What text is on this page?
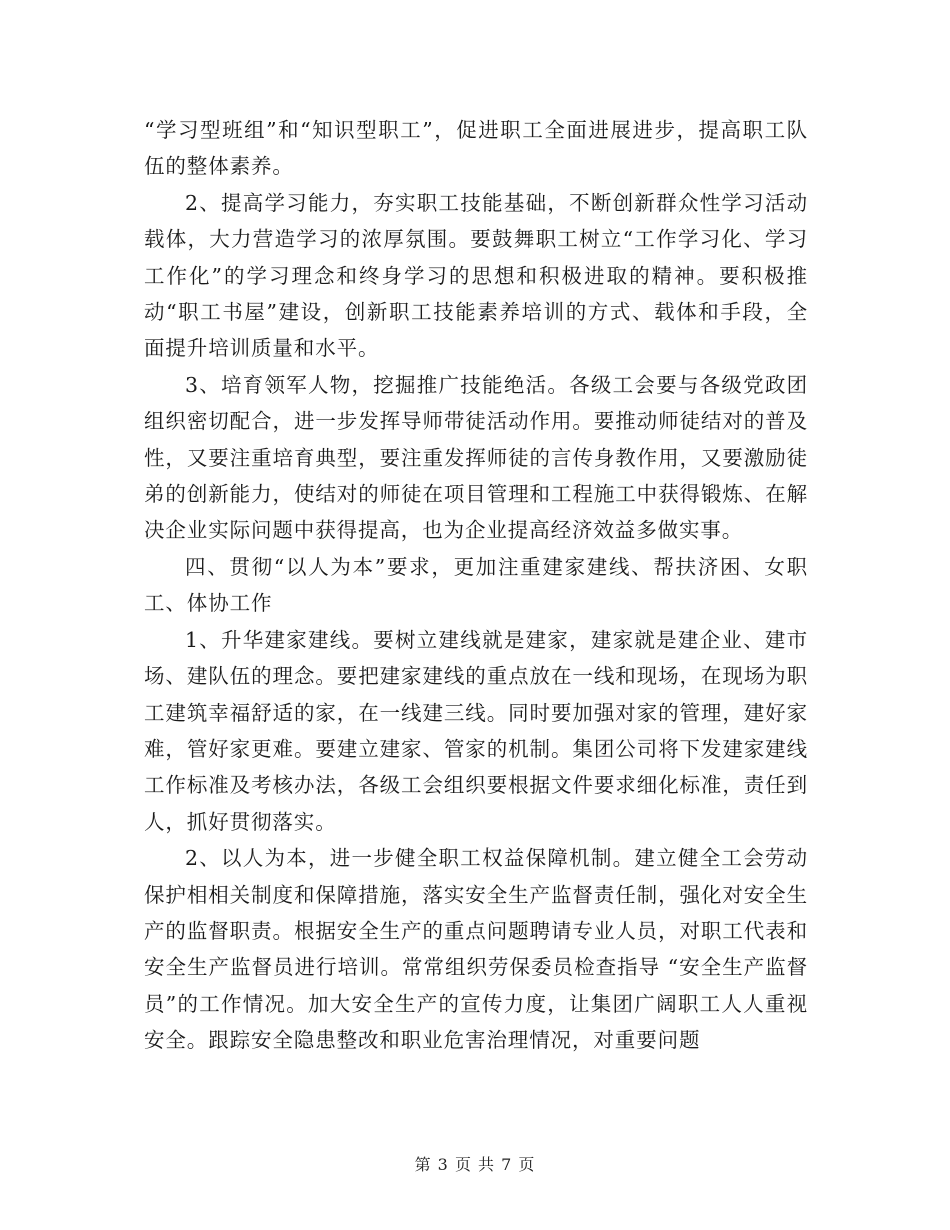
“学习型班组”和“知识型职工”，促进职工全面进展进步，提高职工队伍的整体素养。

2、提高学习能力，夯实职工技能基础，不断创新群众性学习活动载体，大力营造学习的浓厚氛围。要鼓舞职工树立“工作学习化、学习工作化”的学习理念和终身学习的思想和积极进取的精神。要积极推动“职工书屋”建设，创新职工技能素养培训的方式、载体和手段，全面提升培训质量和水平。

3、培育领军人物，挖掘推广技能绝活。各级工会要与各级党政团组织密切配合，进一步发挥导师带徒活动作用。要推动师徒结对的普及性，又要注重培育典型，要注重发挥师徒的言传身教作用，又要激励徒弟的创新能力，使结对的师徒在项目管理和工程施工中获得锻炼、在解决企业实际问题中获得提高，也为企业提高经济效益多做实事。

四、贯彻“以人为本”要求，更加注重建家建线、帮扶济困、女职工、体协工作

1、升华建家建线。要树立建线就是建家，建家就是建企业、建市场、建队伍的理念。要把建家建线的重点放在一线和现场，在现场为职工建筑幸福舒适的家，在一线建三线。同时要加强对家的管理，建好家难，管好家更难。要建立建家、管家的机制。集团公司将下发建家建线工作标准及考核办法，各级工会组织要根据文件要求细化标准，责任到人，抓好贯彻落实。

2、以人为本，进一步健全职工权益保障机制。建立健全工会劳动保护相相关制度和保障措施，落实安全生产监督责任制，强化对安全生产的监督职责。根据安全生产的重点问题聘请专业人员，对职工代表和安全生产监督员进行培训。常常组织劳保委员检查指导 “安全生产监督员”的工作情况。加大安全生产的宣传力度，让集团广阔职工人人重视安全。跟踪安全隐患整改和职业危害治理情况，对重要问题

第 3 页 共 7 页
